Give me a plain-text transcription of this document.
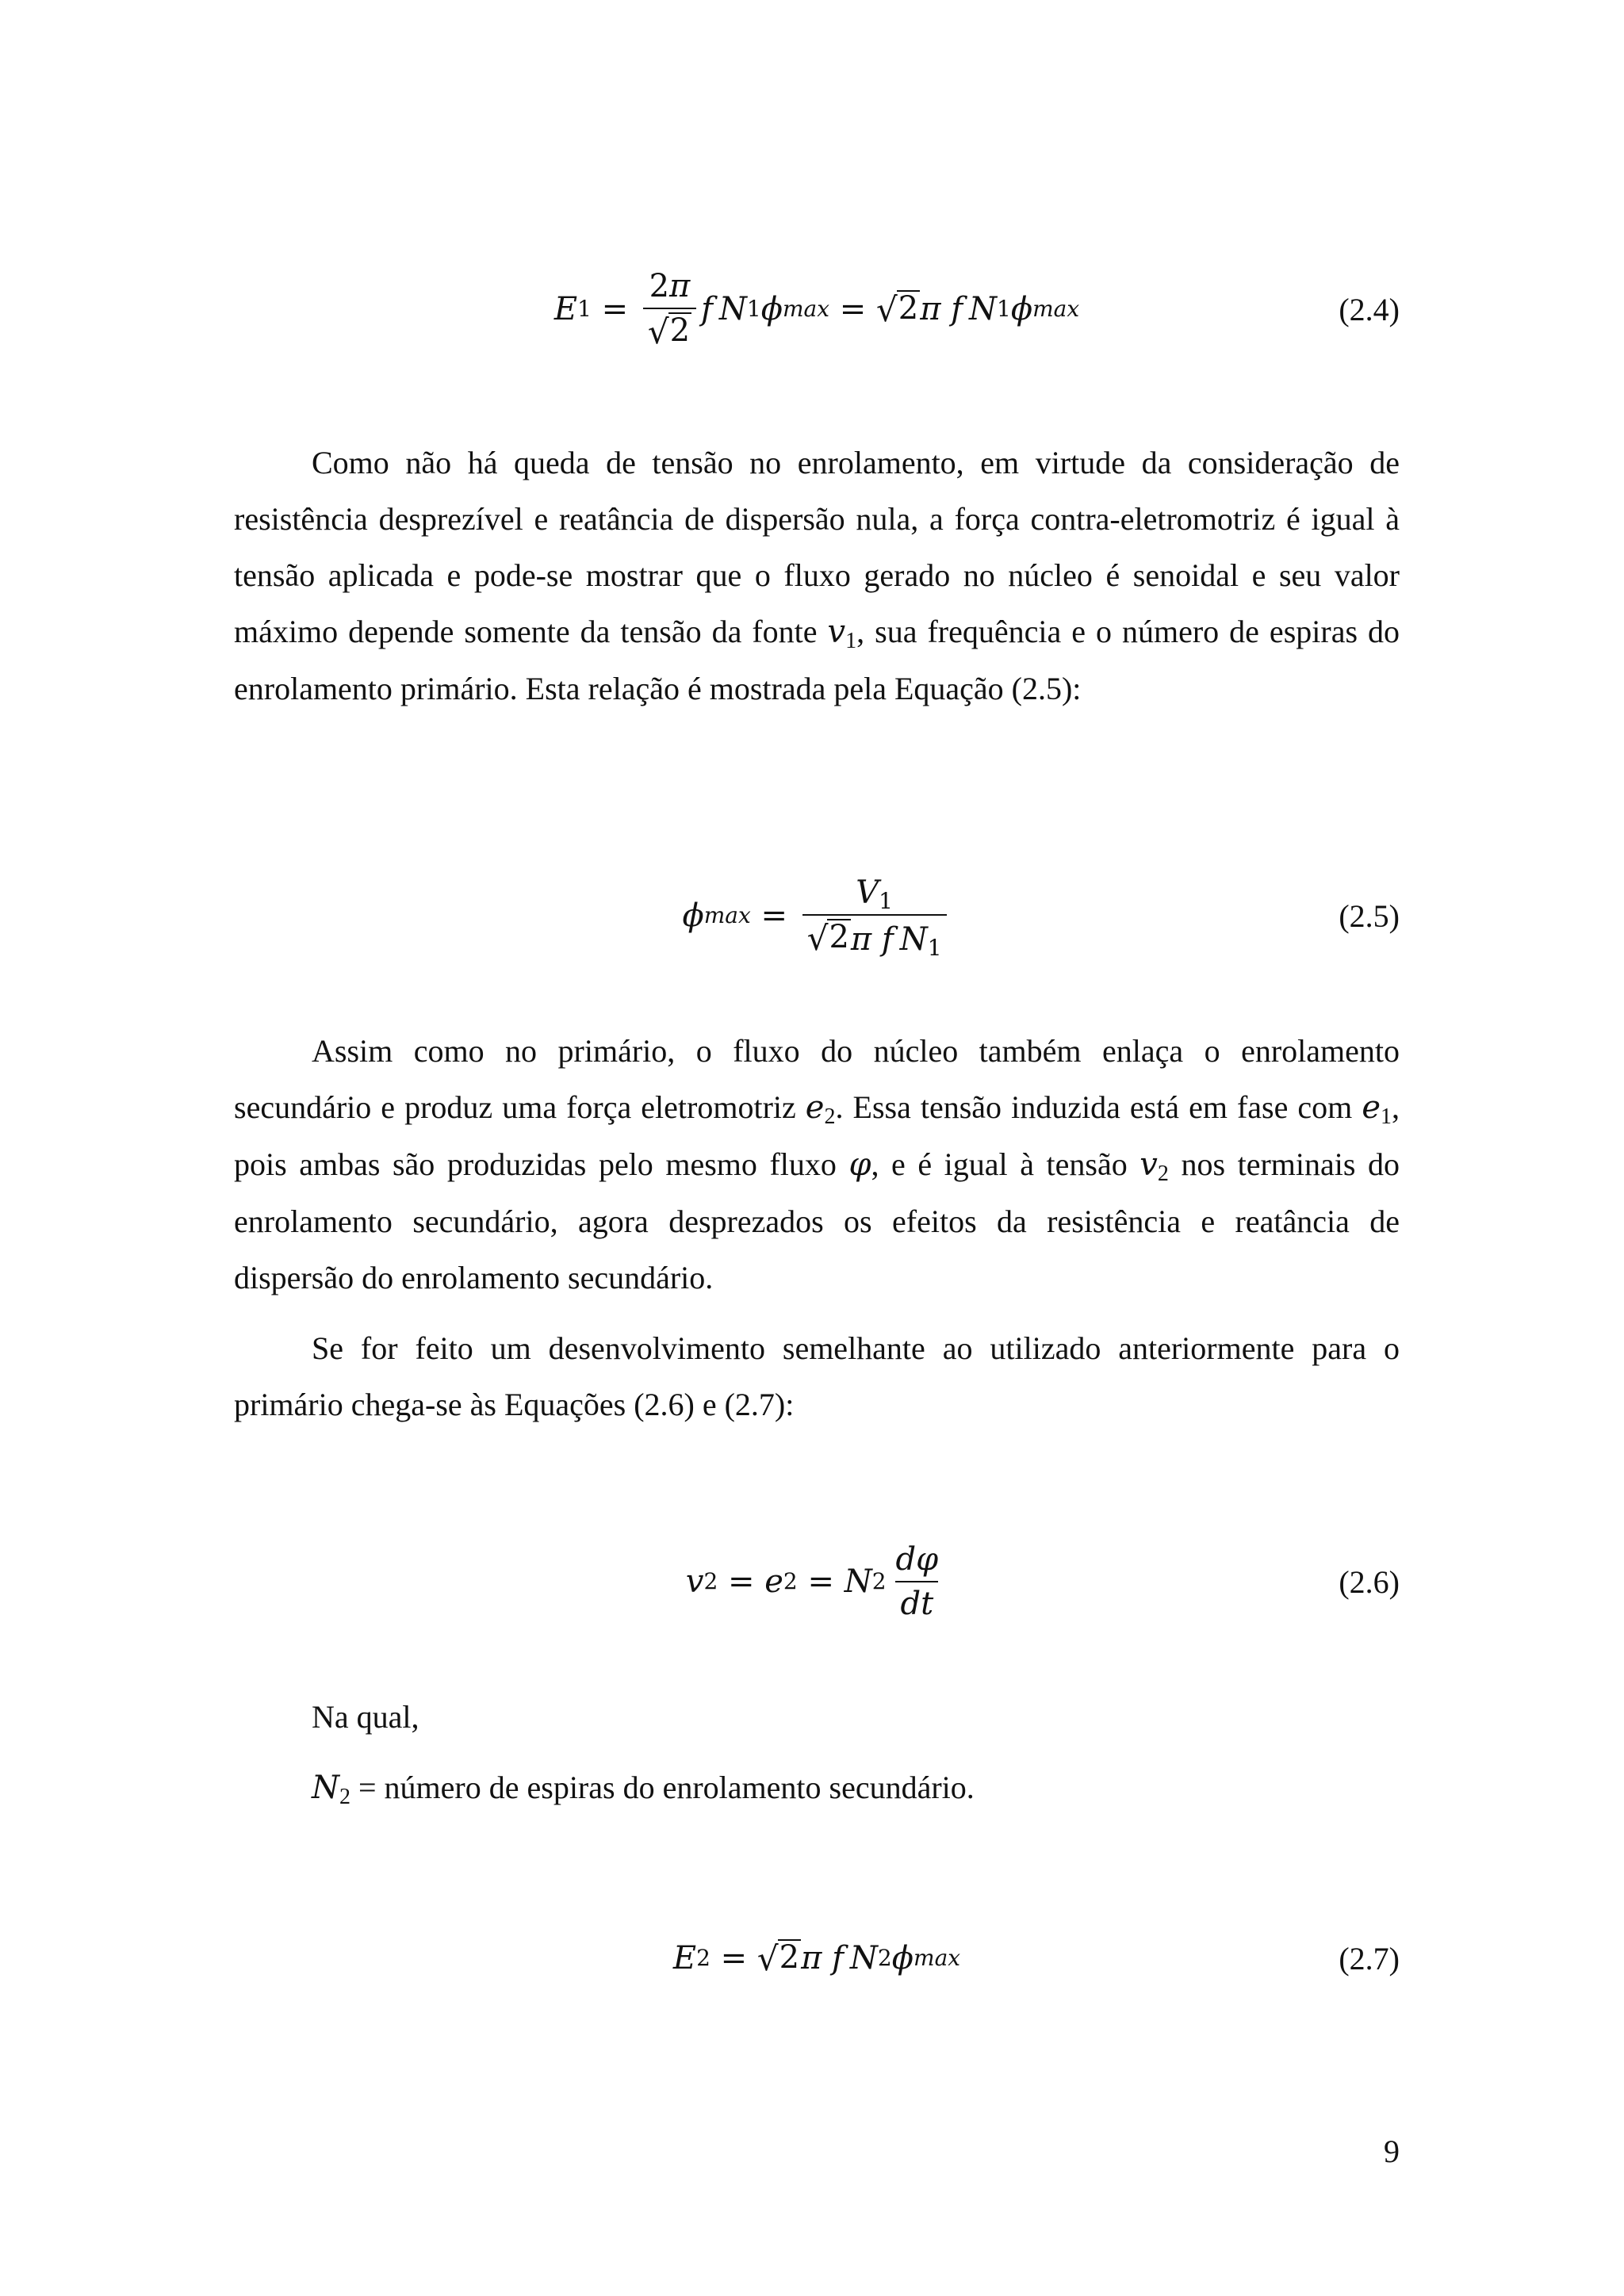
E $1 = \frac{2\pi}{√ 2}$ f N 1 ϕ max = √ 2 π f N 1 ϕ max	(2.4)

Como não há queda de tensão no enrolamento, em virtude da consideração de resistência desprezível e reatância de dispersão nula, a força contra-eletromotriz é igual à tensão aplicada e pode-se mostrar que o fluxo gerado no núcleo é senoidal e seu valor máximo depende somente da tensão da fonte $v_1$, sua frequência e o número de espiras do enrolamento primário. Esta relação é mostrada pela Equação (2.5):

ϕ $\max = \frac{V_1}{√ 2 \pi f N_1}$	(2.5)

Assim como no primário, o fluxo do núcleo também enlaça o enrolamento secundário e produz uma força eletromotriz $e_2$. Essa tensão induzida está em fase com $e_1$, pois ambas são produzidas pelo mesmo fluxo φ, e é igual à tensão $v_2$ nos terminais do enrolamento secundário, agora desprezados os efeitos da resistência e reatância de dispersão do enrolamento secundário.

Se for feito um desenvolvimento semelhante ao utilizado anteriormente para o primário chega-se às Equações (2.6) e (2.7):

v 2 = e 2 = N $2 \frac{d\varphi}{dt}$	(2.6)

Na qual,

$N_2$ = número de espiras do enrolamento secundário.

E 2 = √ 2 π f N 2 ϕ max	(2.7)
9
